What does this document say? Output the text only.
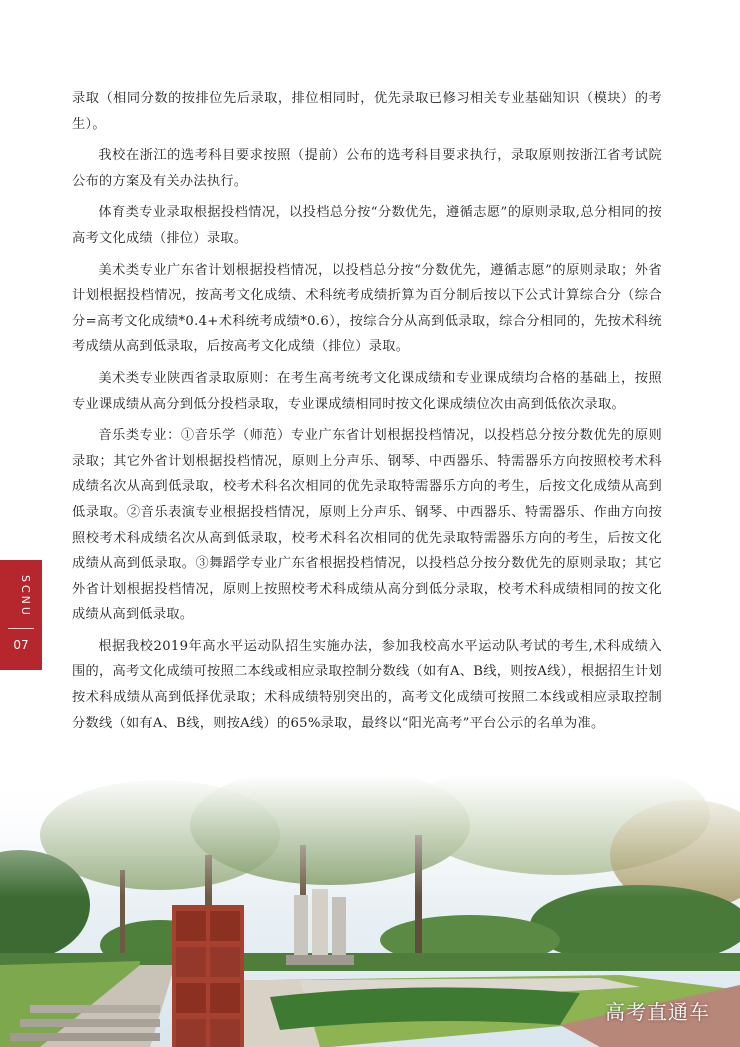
录取（相同分数的按排位先后录取，排位相同时，优先录取已修习相关专业基础知识（模块）的考生）。

我校在浙江的选考科目要求按照（提前）公布的选考科目要求执行，录取原则按浙江省考试院公布的方案及有关办法执行。

体育类专业录取根据投档情况，以投档总分按“分数优先，遵循志愿”的原则录取,总分相同的按高考文化成绩（排位）录取。

美术类专业广东省计划根据投档情况，以投档总分按“分数优先，遵循志愿”的原则录取；外省计划根据投档情况，按高考文化成绩、术科统考成绩折算为百分制后按以下公式计算综合分（综合分=高考文化成绩*0.4+术科统考成绩*0.6），按综合分从高到低录取，综合分相同的，先按术科统考成绩从高到低录取，后按高考文化成绩（排位）录取。

美术类专业陕西省录取原则：在考生高考统考文化课成绩和专业课成绩均合格的基础上，按照专业课成绩从高分到低分投档录取，专业课成绩相同时按文化课成绩位次由高到低依次录取。

音乐类专业：①音乐学（师范）专业广东省计划根据投档情况，以投档总分按分数优先的原则录取；其它外省计划根据投档情况，原则上分声乐、钢琴、中西器乐、特需器乐方向按照校考术科成绩名次从高到低录取，校考术科名次相同的优先录取特需器乐方向的考生，后按文化成绩从高到低录取。②音乐表演专业根据投档情况，原则上分声乐、钢琴、中西器乐、特需器乐、作曲方向按照校考术科成绩名次从高到低录取，校考术科名次相同的优先录取特需器乐方向的考生，后按文化成绩从高到低录取。③舞蹈学专业广东省根据投档情况，以投档总分按分数优先的原则录取；其它外省计划根据投档情况，原则上按照校考术科成绩从高分到低分录取，校考术科成绩相同的按文化成绩从高到低录取。

根据我校2019年高水平运动队招生实施办法，参加我校高水平运动队考试的考生,术科成绩入围的，高考文化成绩可按照二本线或相应录取控制分数线（如有A、B线，则按A线），根据招生计划按术科成绩从高到低择优录取；术科成绩特别突出的，高考文化成绩可按照二本线或相应录取控制分数线（如有A、B线，则按A线）的65%录取，最终以“阳光高考”平台公示的名单为准。

SCNU
07
高考直通车
